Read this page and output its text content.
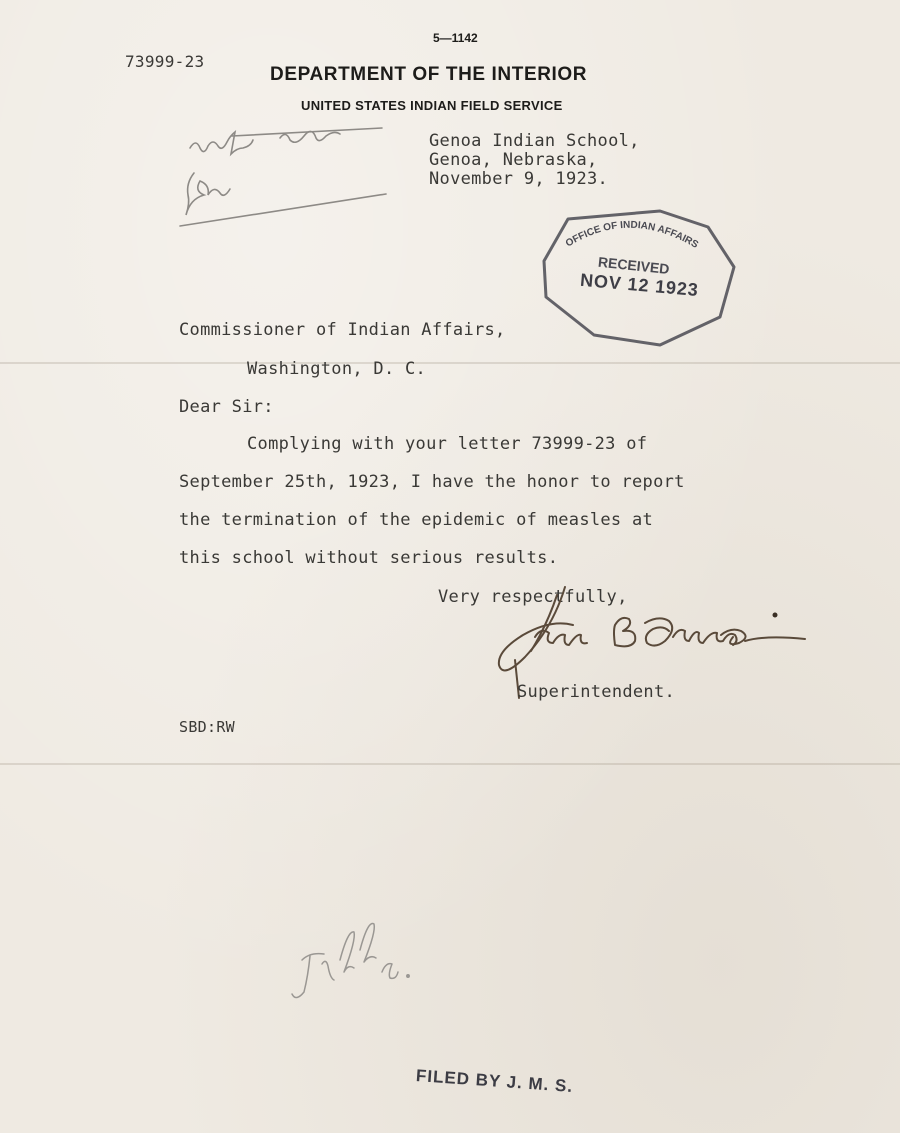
5—1142
73999-23
DEPARTMENT OF THE INTERIOR
UNITED STATES INDIAN FIELD SERVICE
Genoa Indian School,
Genoa, Nebraska,
November 9, 1923.
OFFICE OF INDIAN AFFAIRS
RECEIVED
NOV 12 1923
Commissioner of Indian Affairs,
Washington, D. C.
Dear Sir:
Complying with your letter 73999-23 of
September 25th, 1923, I have the honor to report
the termination of the epidemic of measles at
this school without serious results.
Very respectfully,
Superintendent.
SBD:RW
FILED BY J. M. S.
